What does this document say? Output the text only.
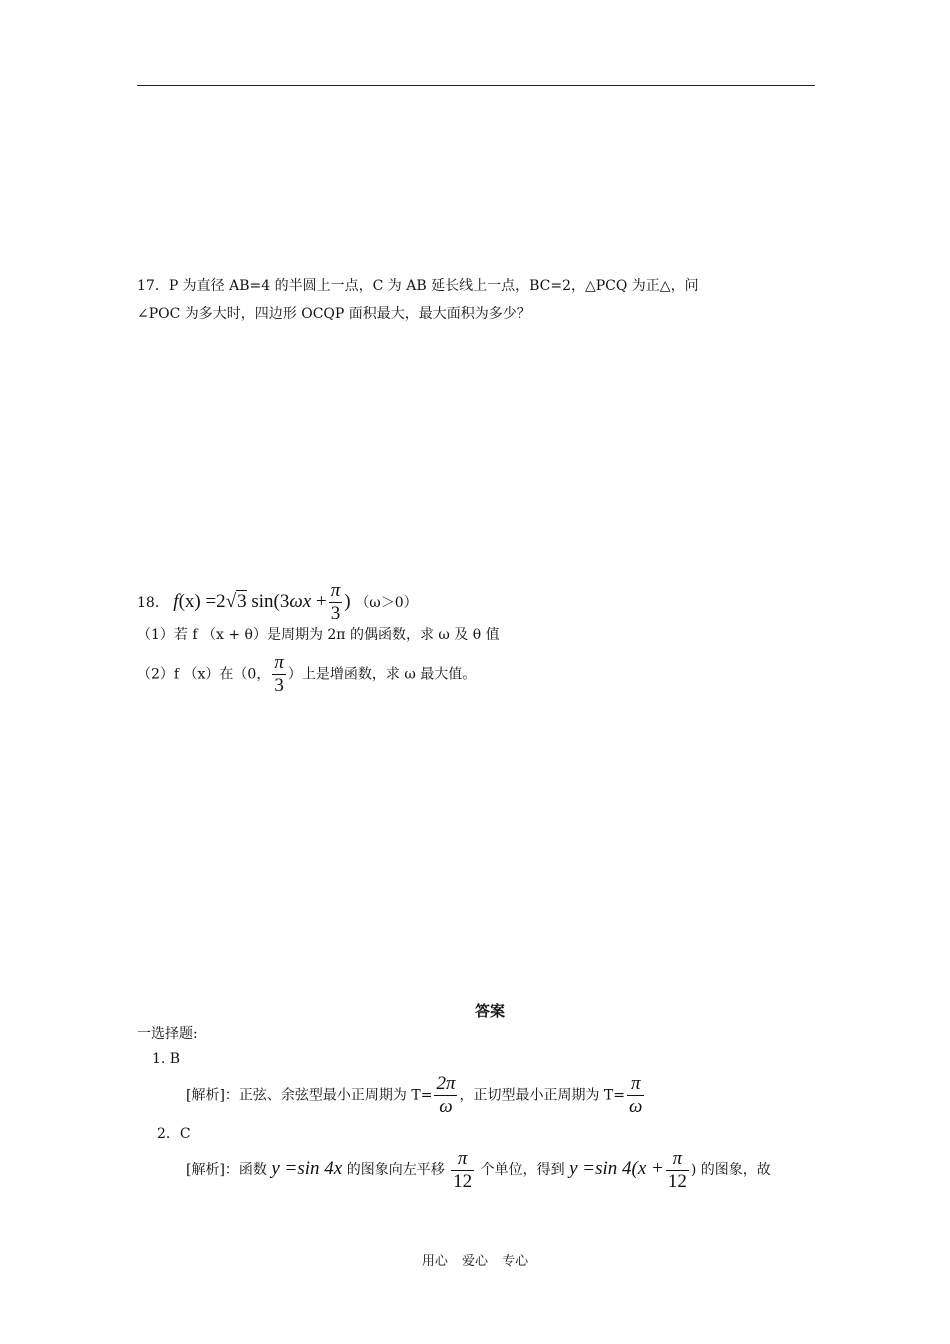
17．P 为直径 AB=4 的半圆上一点，C 为 AB 延长线上一点，BC=2，△PCQ 为正△，问
∠POC 为多大时，四边形 OCQP 面积最大，最大面积为多少？
18． f(x) =2√3 $\sin(3\omega x + \frac{\pi}{3}$ ) （ω＞0）
（1）若 f （x + θ）是周期为 2π 的偶函数，求 ω 及 θ 值
（2）f （x）在（0， $\frac{\pi}{3}$ ）上是增函数，求 ω 最大值。
答案
一选择题:
1. B
[解析]：正弦、余弦型最小正周期为 $T= \frac{2\pi}{\omega}$ ，正切型最小正周期为 $T= \frac{\pi}{\omega}$
2．C
[解析]：函数 y =sin 4x 的图象向左平移 $\frac{\pi}{12}$ 个单位，得到 y =sin $4(x + \frac{\pi}{12}$ ) 的图象，故
用心 爱心 专心
